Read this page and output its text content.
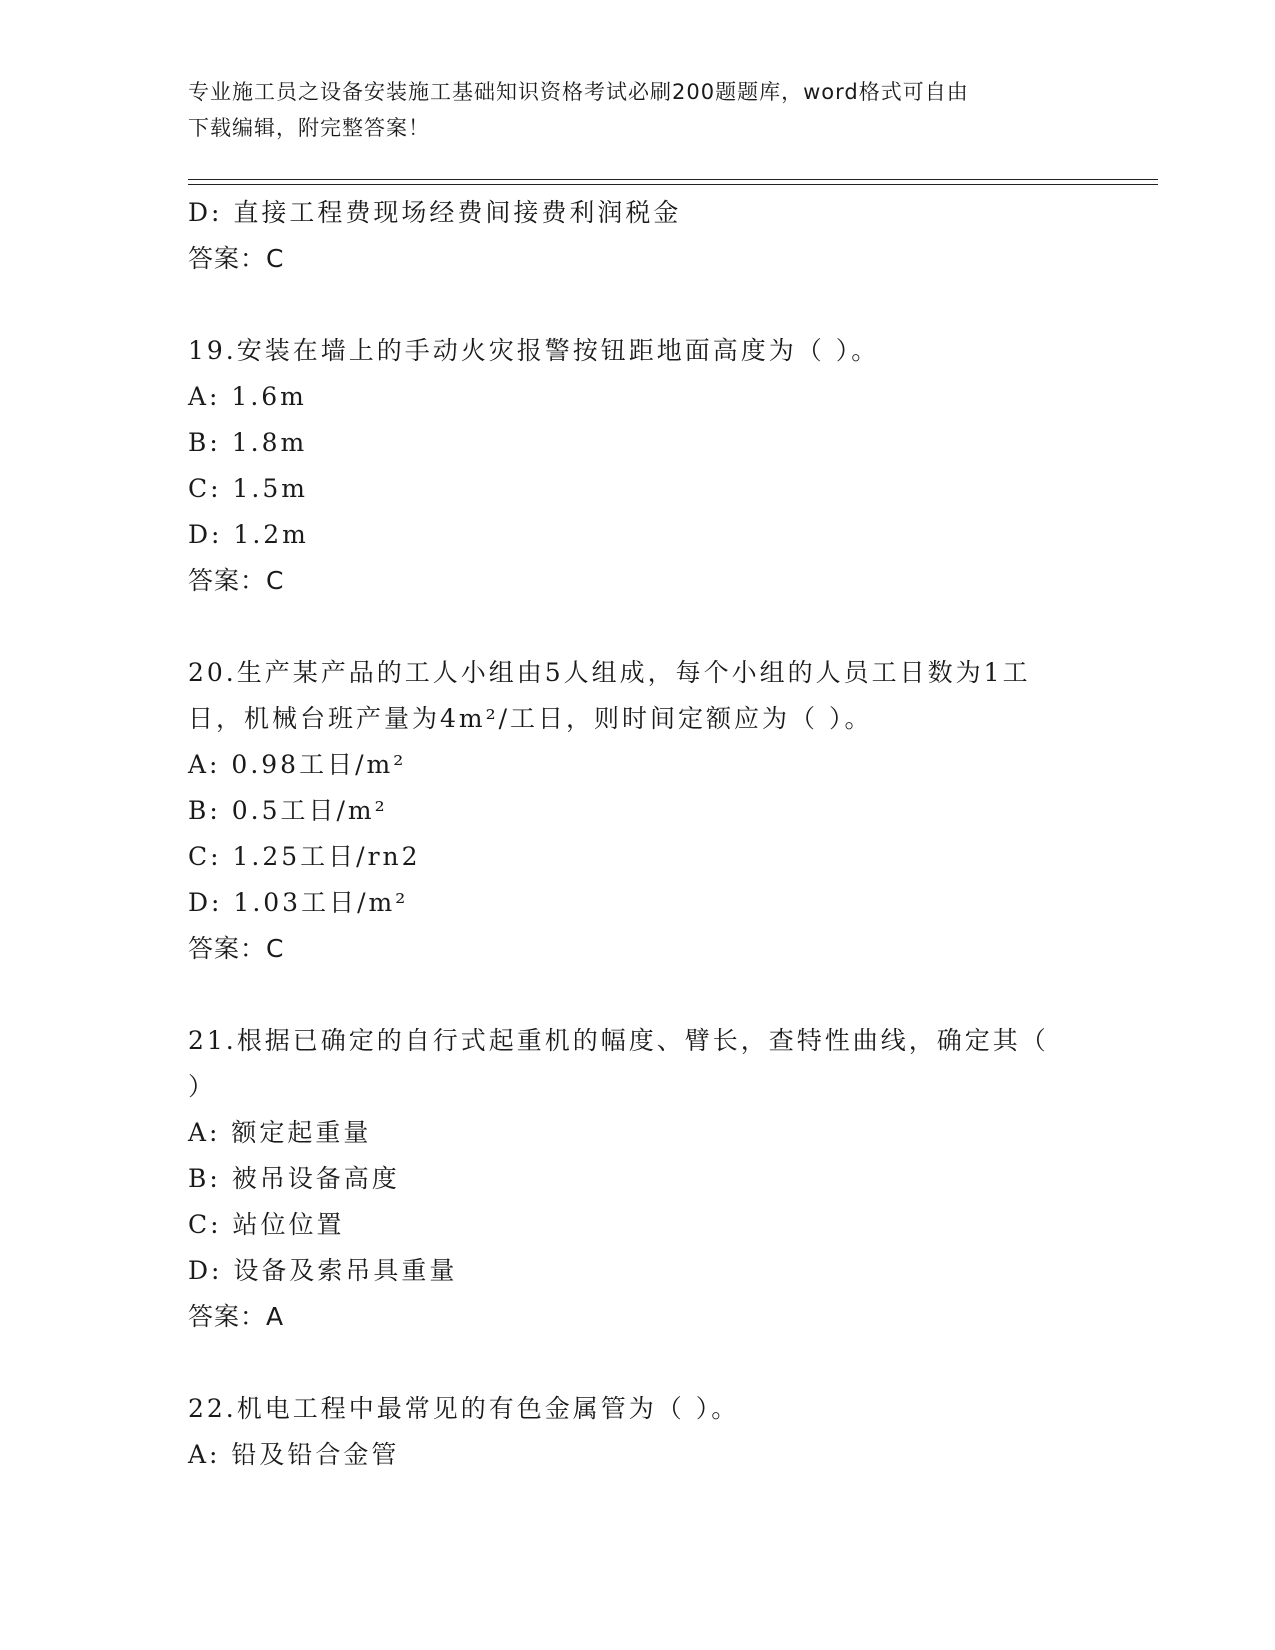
专业施工员之设备安装施工基础知识资格考试必刷200题题库，word格式可自由
下载编辑，附完整答案！
D: 直接工程费现场经费间接费利润税金
答案：C
19.安装在墙上的手动火灾报警按钮距地面高度为（ ）。
A: 1.6m
B: 1.8m
C: 1.5m
D: 1.2m
答案：C
20.生产某产品的工人小组由5人组成，每个小组的人员工日数为1工
日，机械台班产量为4m²/工日，则时间定额应为（ ）。
A: 0.98工日/m²
B: 0.5工日/m²
C: 1.25工日/rn2
D: 1.03工日/m²
答案：C
21.根据已确定的自行式起重机的幅度、臂长，查特性曲线，确定其（
）
A: 额定起重量
B: 被吊设备高度
C: 站位位置
D: 设备及索吊具重量
答案：A
22.机电工程中最常见的有色金属管为（ ）。
A: 铅及铅合金管
